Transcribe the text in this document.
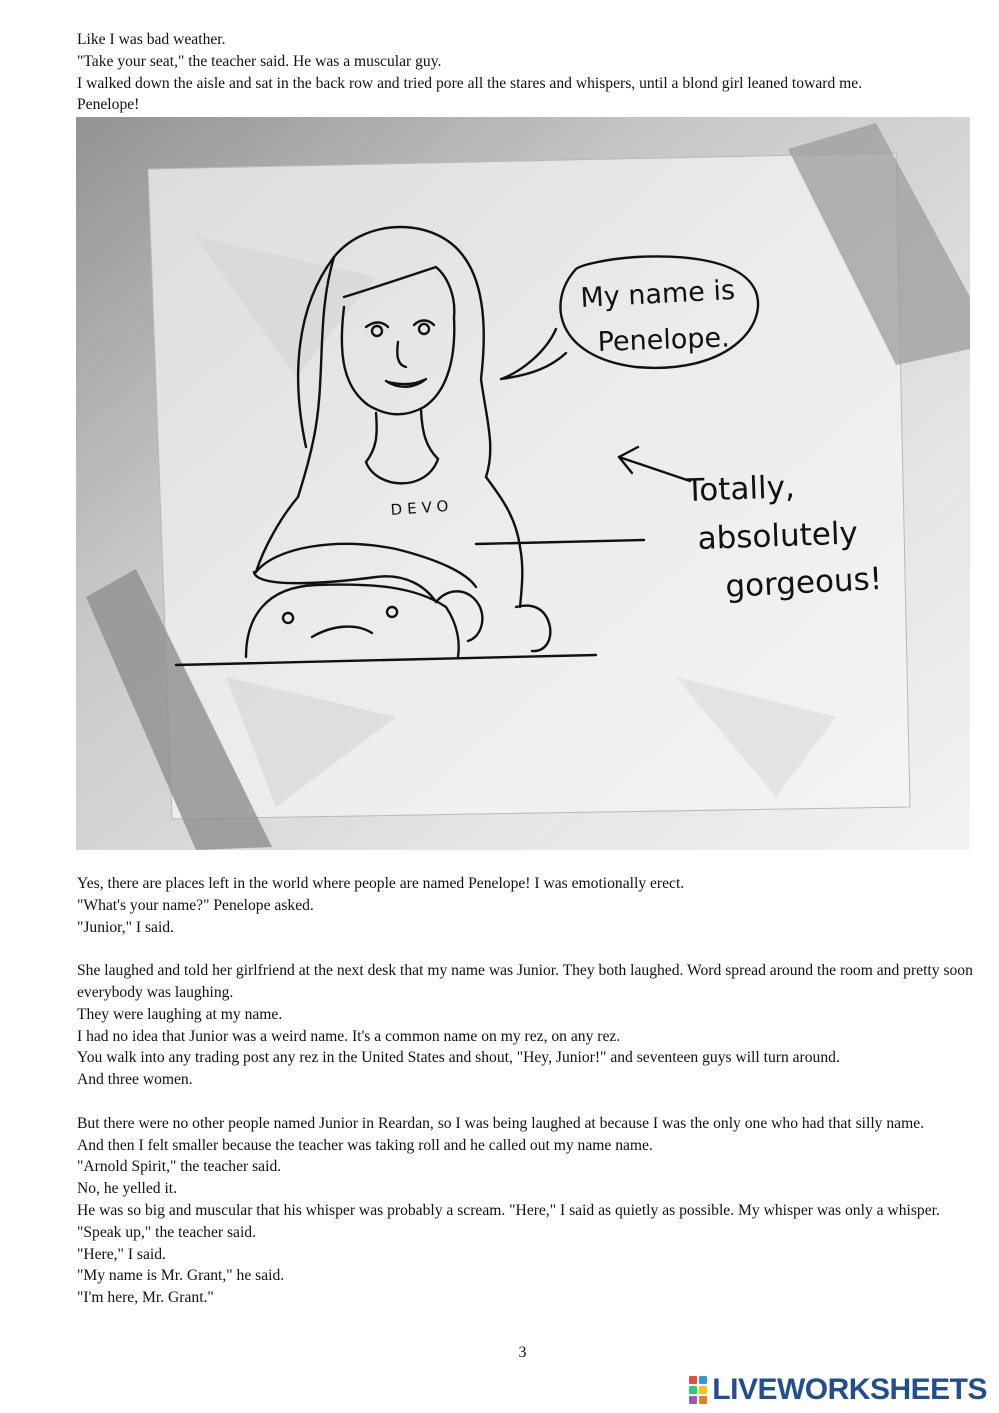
Like I was bad weather.

"Take your seat," the teacher said. He was a muscular guy.

I walked down the aisle and sat in the back row and tried pore all the stares and whispers, until a blond girl leaned toward me.

Penelope!

My name is
Penelope.
DEVO	Totally,
absolutely
gorgeous!

Yes, there are places left in the world where people are named Penelope! I was emotionally erect.

"What's your name?" Penelope asked.

"Junior," I said.

She laughed and told her girlfriend at the next desk that my name was Junior. They both laughed. Word spread around the room and pretty soon everybody was laughing.

They were laughing at my name.

I had no idea that Junior was a weird name. It's a common name on my rez, on any rez.

You walk into any trading post any rez in the United States and shout, "Hey, Junior!" and seventeen guys will turn around.

And three women.

But there were no other people named Junior in Reardan, so I was being laughed at because I was the only one who had that silly name.

And then I felt smaller because the teacher was taking roll and he called out my name name.

"Arnold Spirit," the teacher said.

No, he yelled it.

He was so big and muscular that his whisper was probably a scream. "Here," I said as quietly as possible. My whisper was only a whisper. "Speak up," the teacher said.

"Here," I said.

"My name is Mr. Grant," he said.

"I'm here, Mr. Grant."

3
LIVEWORKSHEETS
